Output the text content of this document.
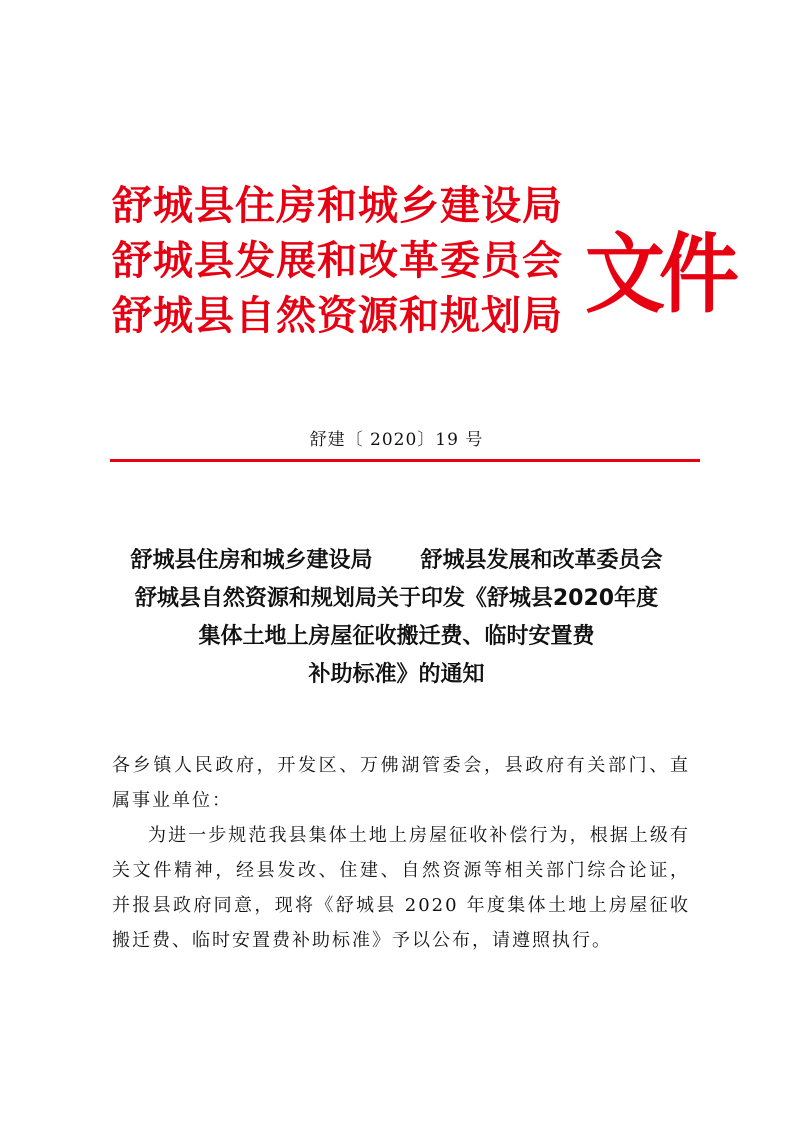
舒城县住房和城乡建设局
舒城县发展和改革委员会
舒城县自然资源和规划局 文件
舒建〔 2020〕19 号
舒城县住房和城乡建设局 舒城县发展和改革委员会
舒城县自然资源和规划局关于印发《舒城县2020年度
集体土地上房屋征收搬迁费、临时安置费
补助标准》的通知

各乡镇人民政府，开发区、万佛湖管委会，县政府有关部门、直属事业单位：

为进一步规范我县集体土地上房屋征收补偿行为，根据上级有关文件精神，经县发改、住建、自然资源等相关部门综合论证，并报县政府同意，现将《舒城县 2020 年度集体土地上房屋征收搬迁费、临时安置费补助标准》予以公布，请遵照执行。
